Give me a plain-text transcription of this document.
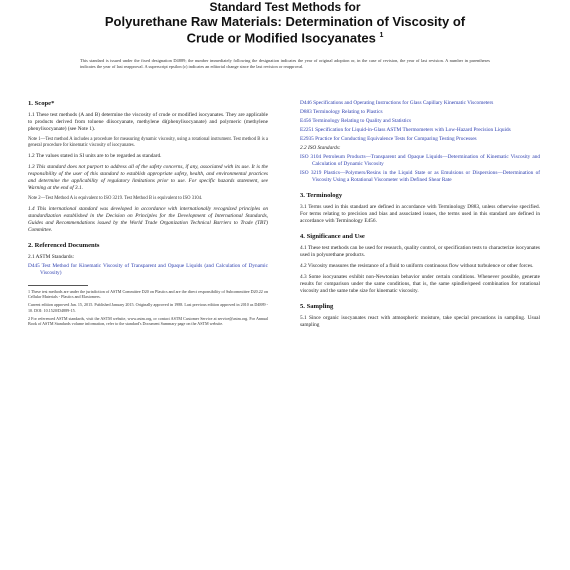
Standard Test Methods for
Polyurethane Raw Materials: Determination of Viscosity of
Crude or Modified Isocyanates $^1$
This standard is issued under the fixed designation D4889; the number immediately following the designation indicates the year of original adoption or, in the case of revision, the year of last revision. A number in parentheses indicates the year of last reapproval. A superscript epsilon (ε) indicates an editorial change since the last revision or reapproval.
1. Scope*

1.1 These test methods (A and B) determine the viscosity of crude or modified isocyanates. They are applicable to products derived from toluene diisocyanate, methylene di(phenylisocyanate) and polymeric (methylene phenylisocyanate) (see Note 1).

Note 1—Test method A includes a procedure for measuring dynamic viscosity, using a rotational instrument. Test method B is a general procedure for kinematic viscosity of isocyanates.

1.2 The values stated in SI units are to be regarded as standard.

1.3 This standard does not purport to address all of the safety concerns, if any, associated with its use. It is the responsibility of the user of this standard to establish appropriate safety, health, and environmental practices and determine the applicability of regulatory limitations prior to use. For specific hazards statement, see Warning at the end of 3.1.

Note 2—Test Method A is equivalent to ISO 3219. Test Method B is equivalent to ISO 3104.

1.4 This international standard was developed in accordance with internationally recognized principles on standardization established in the Decision on Principles for the Development of International Standards, Guides and Recommendations issued by the World Trade Organization Technical Barriers to Trade (TBT) Committee.

2. Referenced Documents
2.1 ASTM Standards:
D445 Test Method for Kinematic Viscosity of Transparent and Opaque Liquids (and Calculation of Dynamic Viscosity)
1 These test methods are under the jurisdiction of ASTM Committee D20 on Plastics and are the direct responsibility of Subcommittee D20.22 on Cellular Materials - Plastics and Elastomers.
Current edition approved Jan. 15, 2015. Published January 2015. Originally approved in 1988. Last previous edition approved in 2010 as D4889 - 10. DOI: 10.1520/D4889-15.
2 For referenced ASTM standards, visit the ASTM website, www.astm.org, or contact ASTM Customer Service at service@astm.org. For Annual Book of ASTM Standards volume information, refer to the standard's Document Summary page on the ASTM website.
D446 Specifications and Operating Instructions for Glass Capillary Kinematic Viscometers
D883 Terminology Relating to Plastics
E456 Terminology Relating to Quality and Statistics
E2251 Specification for Liquid-in-Glass ASTM Thermometers with Low-Hazard Precision Liquids
E2935 Practice for Conducting Equivalence Tests for Comparing Testing Processes
2.2 ISO Standards:
ISO 3104 Petroleum Products—Transparent and Opaque Liquids—Determination of Kinematic Viscosity and Calculation of Dynamic Viscosity
ISO 3219 Plastics—Polymers/Resins in the Liquid State or as Emulsions or Dispersions—Determination of Viscosity Using a Rotational Viscometer with Defined Shear Rate
3. Terminology

3.1 Terms used in this standard are defined in accordance with Terminology D883, unless otherwise specified. For terms relating to precision and bias and associated issues, the terms used in this standard are defined in accordance with Terminology E456.

4. Significance and Use

4.1 These test methods can be used for research, quality control, or specification tests to characterize isocyanates used in polyurethane products.

4.2 Viscosity measures the resistance of a fluid to uniform continuous flow without turbulence or other forces.

4.3 Some isocyanates exhibit non-Newtonian behavior under certain conditions. Whenever possible, generate results for comparison under the same conditions, that is, the same spindle/speed combination for rotational viscosity and the same tube size for kinematic viscosity.

5. Sampling

5.1 Since organic isocyanates react with atmospheric moisture, take special precautions in sampling. Usual sampling
